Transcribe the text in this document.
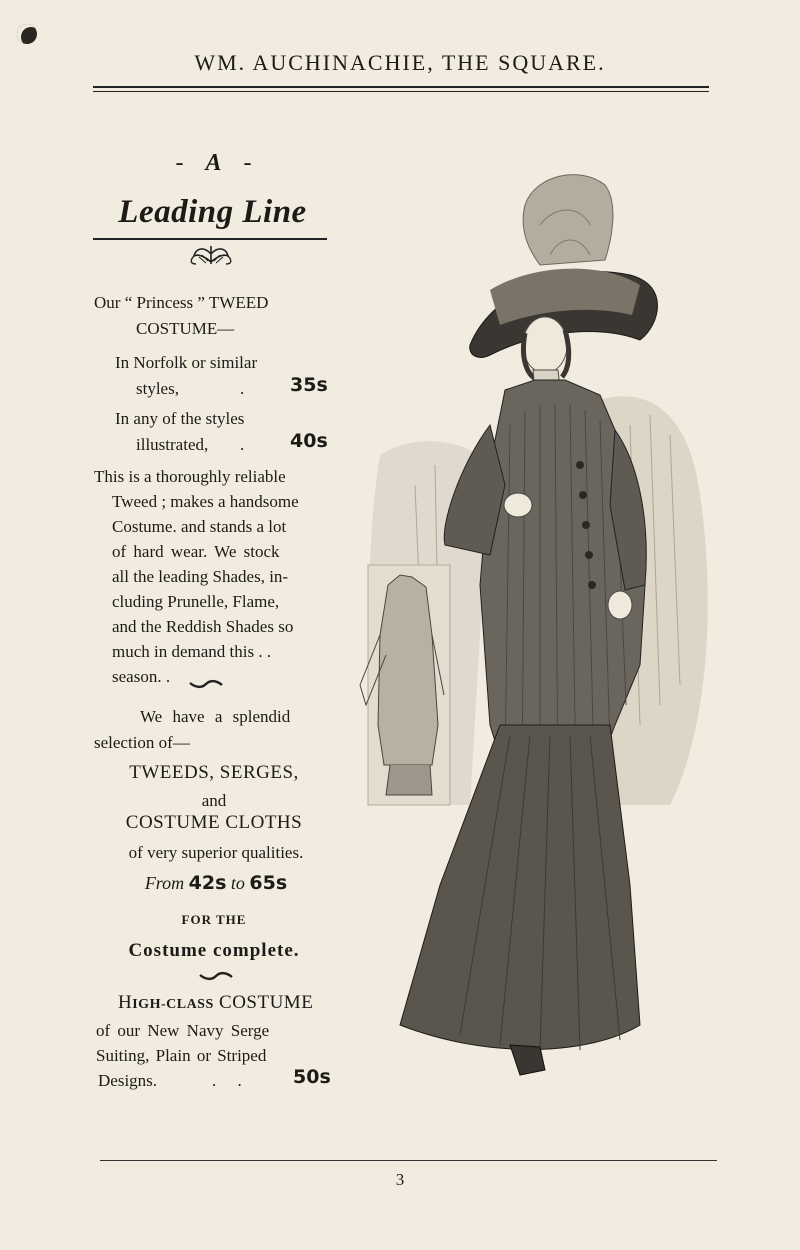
WM. AUCHINACHIE, THE SQUARE.
- A -
Leading Line
Our “ Princess ” TWEED
COSTUME—
In Norfolk or similar
styles,	. 35s
In any of the styles
illustrated, . 40s
This is a thoroughly reliable
Tweed ; makes a handsome
Costume. and stands a lot
of hard wear. We stock
all the leading Shades, in-
cluding Prunelle, Flame,
and the Reddish Shades so
much in demand this . .
season. .
We have a splendid
selection of—
TWEEDS, SERGES,
and
COSTUME CLOTHS
of very superior qualities.
From 42s to 65s
FOR THE
Costume complete.
HIGH-CLASS COSTUME
of our New Navy Serge
Suiting, Plain or Striped
Designs.	.     .	50s
3
